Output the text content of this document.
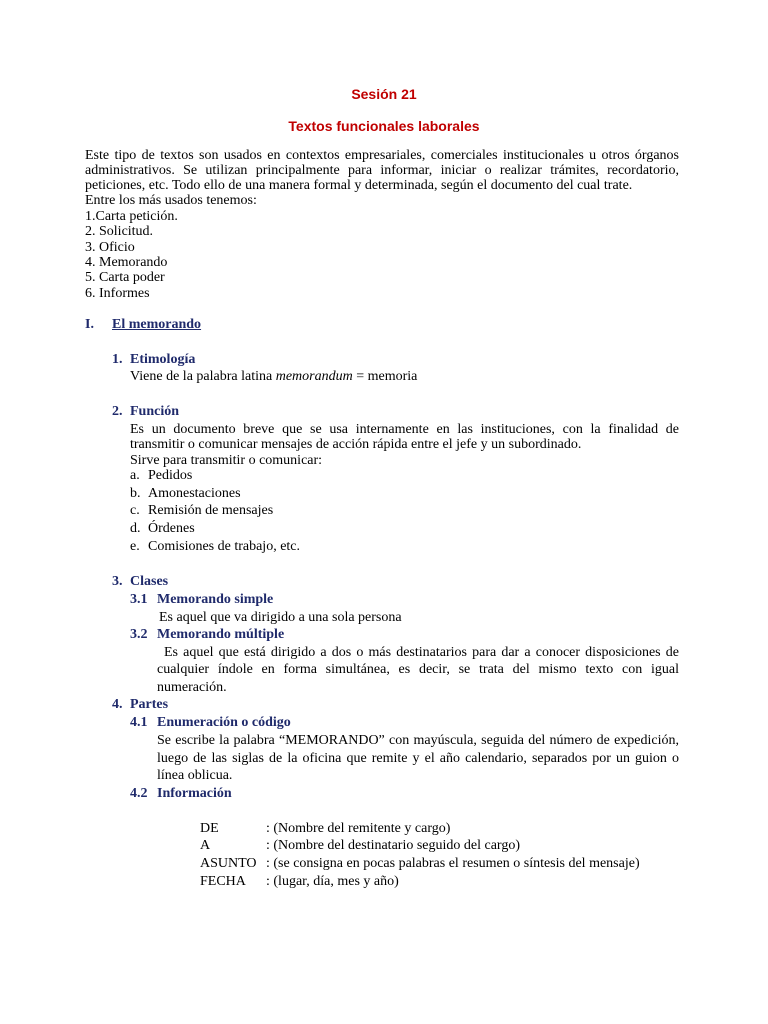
Sesión 21
Textos funcionales laborales
Este tipo de textos son usados en contextos empresariales, comerciales institucionales u otros órganos
administrativos. Se utilizan principalmente para informar, iniciar o realizar trámites, recordatorio,
peticiones, etc. Todo ello de una manera formal y determinada, según el documento del cual trate.
Entre los más usados tenemos:
1.Carta petición.
2. Solicitud.
3. Oficio
4. Memorando
5. Carta poder
6. Informes
I. El memorando
1. Etimología
Viene de la palabra latina memorandum = memoria
2. Función
Es un documento breve que se usa internamente en las instituciones, con la finalidad de
transmitir o comunicar mensajes de acción rápida entre el jefe y un subordinado.
Sirve para transmitir o comunicar:
a. Pedidos
b. Amonestaciones
c. Remisión de mensajes
d. Órdenes
e. Comisiones de trabajo, etc.
3. Clases
3.1 Memorando simple
Es aquel que va dirigido a una sola persona
3.2 Memorando múltiple
Es aquel que está dirigido a dos o más destinatarios para dar a conocer disposiciones de
cualquier índole en forma simultánea, es decir, se trata del mismo texto con igual
numeración.
4. Partes
4.1 Enumeración o código
Se escribe la palabra “MEMORANDO” con mayúscula, seguida del número de expedición,
luego de las siglas de la oficina que remite y el año calendario, separados por un guion o
línea oblicua.
4.2 Información
DE	: (Nombre del remitente y cargo)
A	: (Nombre del destinatario seguido del cargo)
ASUNTO : (se consigna en pocas palabras el resumen o síntesis del mensaje)
FECHA : (lugar, día, mes y año)
